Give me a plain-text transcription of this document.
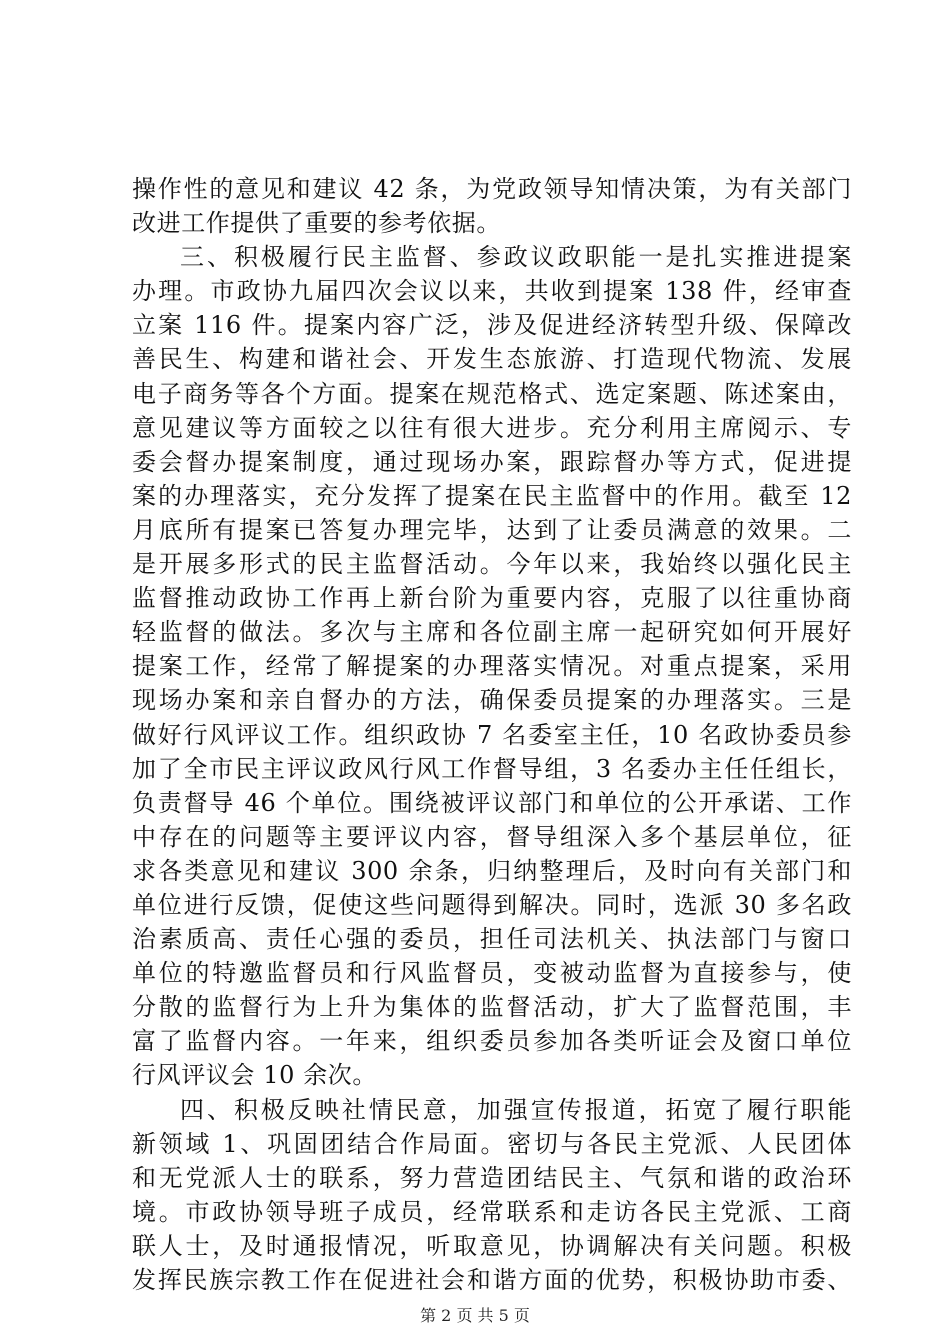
操作性的意见和建议 42 条，为党政领导知情决策，为有关部门
改进工作提供了重要的参考依据。
三、积极履行民主监督、参政议政职能一是扎实推进提案
办理。市政协九届四次会议以来，共收到提案 138 件，经审查
立案 116 件。提案内容广泛，涉及促进经济转型升级、保障改
善民生、构建和谐社会、开发生态旅游、打造现代物流、发展
电子商务等各个方面。提案在规范格式、选定案题、陈述案由，
意见建议等方面较之以往有很大进步。充分利用主席阅示、专
委会督办提案制度，通过现场办案，跟踪督办等方式，促进提
案的办理落实，充分发挥了提案在民主监督中的作用。截至 12
月底所有提案已答复办理完毕，达到了让委员满意的效果。二
是开展多形式的民主监督活动。今年以来，我始终以强化民主
监督推动政协工作再上新台阶为重要内容，克服了以往重协商
轻监督的做法。多次与主席和各位副主席一起研究如何开展好
提案工作，经常了解提案的办理落实情况。对重点提案，采用
现场办案和亲自督办的方法，确保委员提案的办理落实。三是
做好行风评议工作。组织政协 7 名委室主任，10 名政协委员参
加了全市民主评议政风行风工作督导组，3 名委办主任任组长，
负责督导 46 个单位。围绕被评议部门和单位的公开承诺、工作
中存在的问题等主要评议内容，督导组深入多个基层单位，征
求各类意见和建议 300 余条，归纳整理后，及时向有关部门和
单位进行反馈，促使这些问题得到解决。同时，选派 30 多名政
治素质高、责任心强的委员，担任司法机关、执法部门与窗口
单位的特邀监督员和行风监督员，变被动监督为直接参与，使
分散的监督行为上升为集体的监督活动，扩大了监督范围，丰
富了监督内容。一年来，组织委员参加各类听证会及窗口单位
行风评议会 10 余次。
四、积极反映社情民意，加强宣传报道，拓宽了履行职能
新领域 1、巩固团结合作局面。密切与各民主党派、人民团体
和无党派人士的联系，努力营造团结民主、气氛和谐的政治环
境。市政协领导班子成员，经常联系和走访各民主党派、工商
联人士，及时通报情况，听取意见，协调解决有关问题。积极
发挥民族宗教工作在促进社会和谐方面的优势，积极协助市委、
第 2 页 共 5 页
